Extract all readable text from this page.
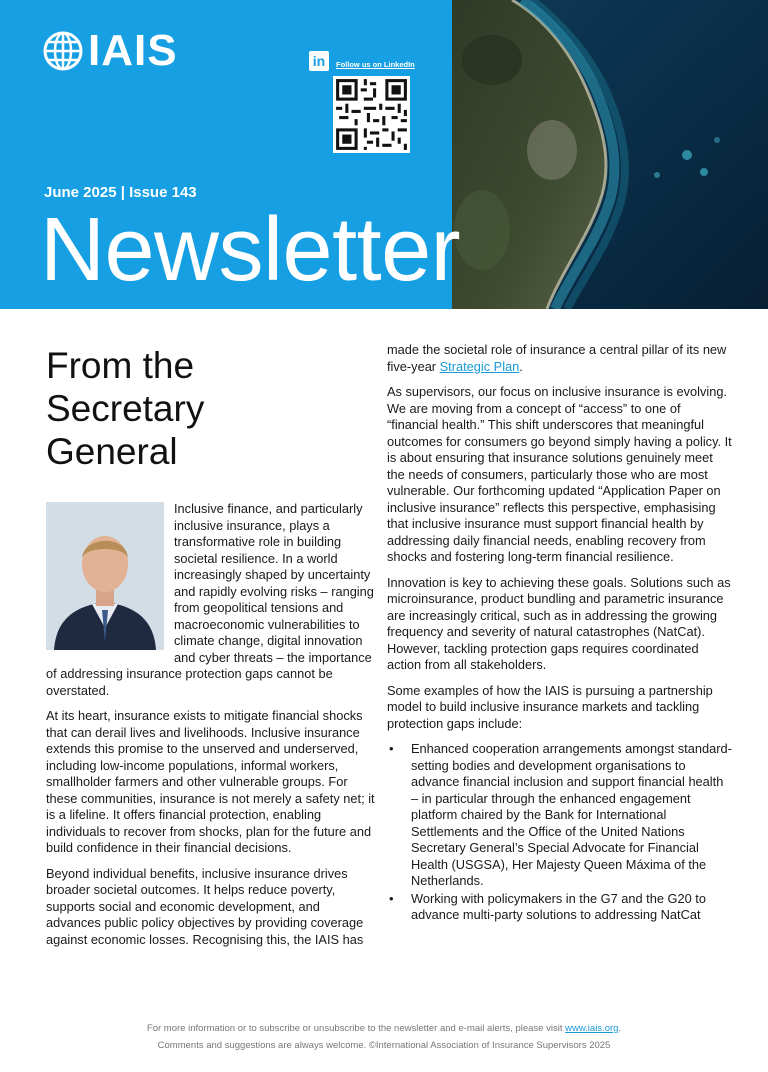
IAIS	in	Follow us on LinkedIn
June 2025 | Issue 143
Newsletter
From the
Secretary
General

Inclusive finance, and particularly inclusive insurance, plays a transformative role in building societal resilience. In a world increasingly shaped by uncertainty and rapidly evolving risks – ranging from geopolitical tensions and macroeconomic vulnerabilities to climate change, digital innovation and cyber threats – the importance of addressing insurance protection gaps cannot be overstated.

At its heart, insurance exists to mitigate financial shocks that can derail lives and livelihoods. Inclusive insurance extends this promise to the unserved and underserved, including low-income populations, informal workers, smallholder farmers and other vulnerable groups. For these communities, insurance is not merely a safety net; it is a lifeline. It offers financial protection, enabling individuals to recover from shocks, plan for the future and build confidence in their financial decisions.

Beyond individual benefits, inclusive insurance drives broader societal outcomes. It helps reduce poverty, supports social and economic development, and advances public policy objectives by providing coverage against economic losses. Recognising this, the IAIS has

made the societal role of insurance a central pillar of its new five-year Strategic Plan.

As supervisors, our focus on inclusive insurance is evolving. We are moving from a concept of “access” to one of “financial health.” This shift underscores that meaningful outcomes for consumers go beyond simply having a policy. It is about ensuring that insurance solutions genuinely meet the needs of consumers, particularly those who are most vulnerable. Our forthcoming updated “Application Paper on inclusive insurance” reflects this perspective, emphasising that inclusive insurance must support financial health by addressing daily financial needs, enabling recovery from shocks and fostering long-term financial resilience.

Innovation is key to achieving these goals. Solutions such as microinsurance, product bundling and parametric insurance are increasingly critical, such as in addressing the growing frequency and severity of natural catastrophes (NatCat). However, tackling protection gaps requires coordinated action from all stakeholders.

Some examples of how the IAIS is pursuing a partnership model to build inclusive insurance markets and tackling protection gaps include:

• Enhanced cooperation arrangements amongst standard-setting bodies and development organisations to advance financial inclusion and support financial health – in particular through the enhanced engagement platform chaired by the Bank for International Settlements and the Office of the United Nations Secretary General’s Special Advocate for Financial Health (USGSA), Her Majesty Queen Máxima of the Netherlands.
• Working with policymakers in the G7 and the G20 to advance multi-party solutions to addressing NatCat
For more information or to subscribe or unsubscribe to the newsletter and e-mail alerts, please visit www.iais.org.
Comments and suggestions are always welcome. ©International Association of Insurance Supervisors 2025
